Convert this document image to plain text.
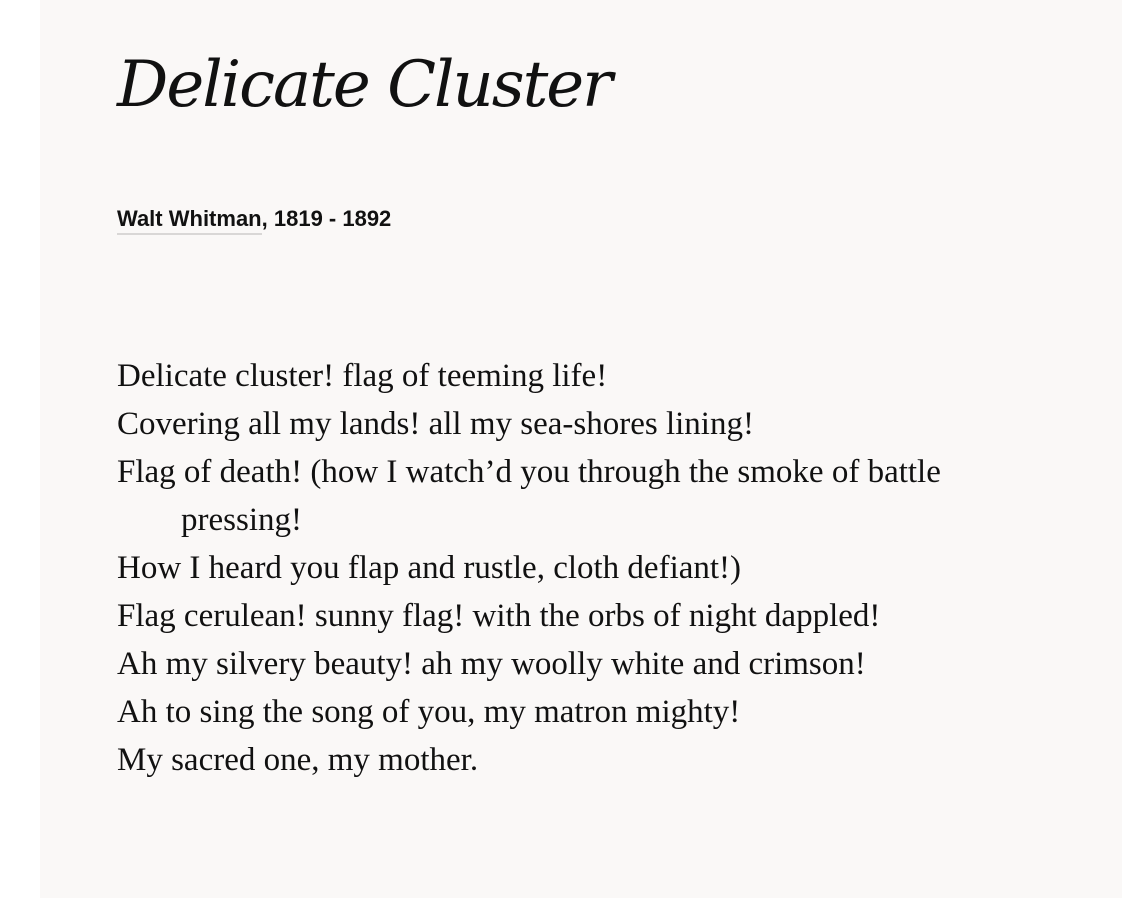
Delicate Cluster
Walt Whitman, 1819 - 1892
Delicate cluster! flag of teeming life!
Covering all my lands! all my sea-shores lining!
Flag of death! (how I watch’d you through the smoke of battle
pressing!
How I heard you flap and rustle, cloth defiant!)
Flag cerulean! sunny flag! with the orbs of night dappled!
Ah my silvery beauty! ah my woolly white and crimson!
Ah to sing the song of you, my matron mighty!
My sacred one, my mother.
